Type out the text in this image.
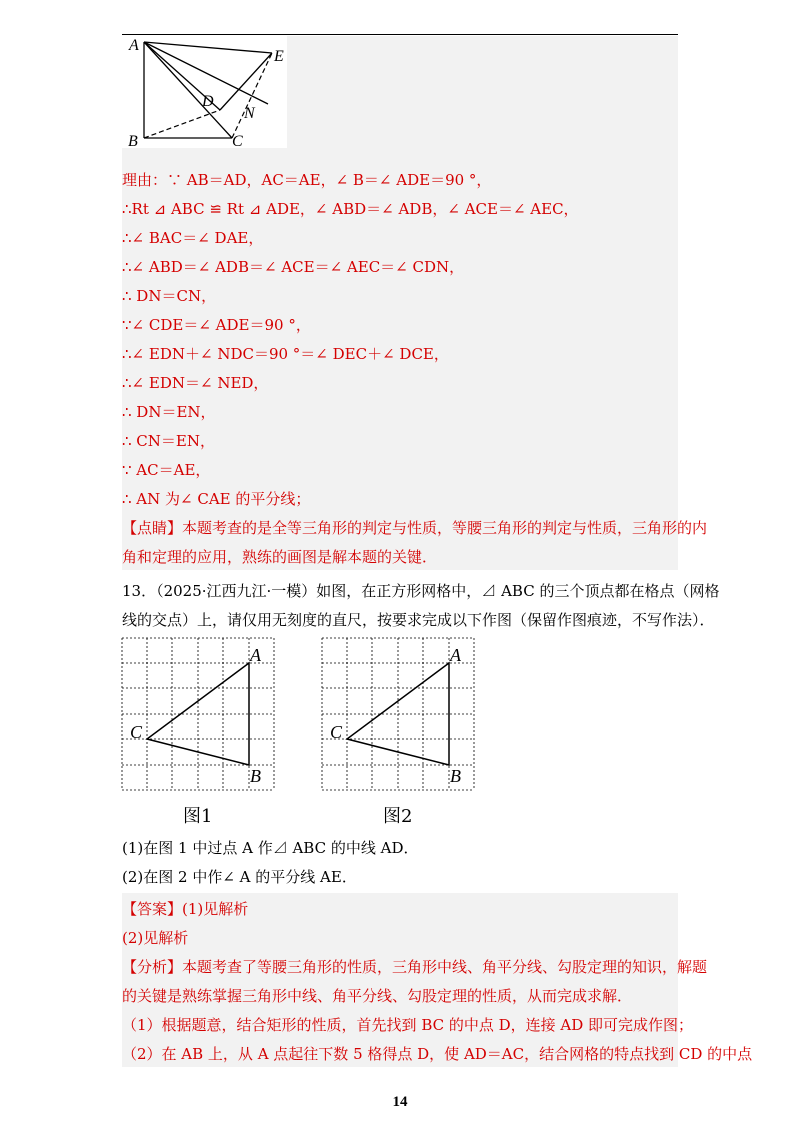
A
E
D
N
B	C
理由：∵ AB＝AD，AC＝AE，∠ B＝∠ ADE＝90 °，
∴Rt ⊿ ABC ≌ Rt ⊿ ADE，∠ ABD＝∠ ADB，∠ ACE＝∠ AEC，
∴∠ BAC＝∠ DAE，
∴∠ ABD＝∠ ADB＝∠ ACE＝∠ AEC＝∠ CDN，
∴ DN＝CN，
∵∠ CDE＝∠ ADE＝90 °，
∴∠ EDN＋∠ NDC＝90 °＝∠ DEC＋∠ DCE，
∴∠ EDN＝∠ NED，
∴ DN＝EN，
∴ CN＝EN，
∵ AC＝AE，
∴ AN 为∠ CAE 的平分线；
【点睛】本题考查的是全等三角形的判定与性质，等腰三角形的判定与性质，三角形的内
角和定理的应用，熟练的画图是解本题的关键．
13．（2025·江西九江·一模）如图，在正方形网格中，⊿ ABC 的三个顶点都在格点（网格
线的交点）上，请仅用无刻度的直尺，按要求完成以下作图（保留作图痕迹，不写作法）．
A
C
B
A
C
B
图1	图2
(1)在图 1 中过点 A 作⊿ ABC 的中线 AD．
(2)在图 2 中作∠ A 的平分线 AE．
【答案】(1)见解析
(2)见解析
【分析】本题考查了等腰三角形的性质，三角形中线、角平分线、勾股定理的知识，解题
的关键是熟练掌握三角形中线、角平分线、勾股定理的性质，从而完成求解．
（1）根据题意，结合矩形的性质，首先找到 BC 的中点 D，连接 AD 即可完成作图；
（2）在 AB 上，从 A 点起往下数 5 格得点 D，使 AD＝AC，结合网格的特点找到 CD 的中点
14
